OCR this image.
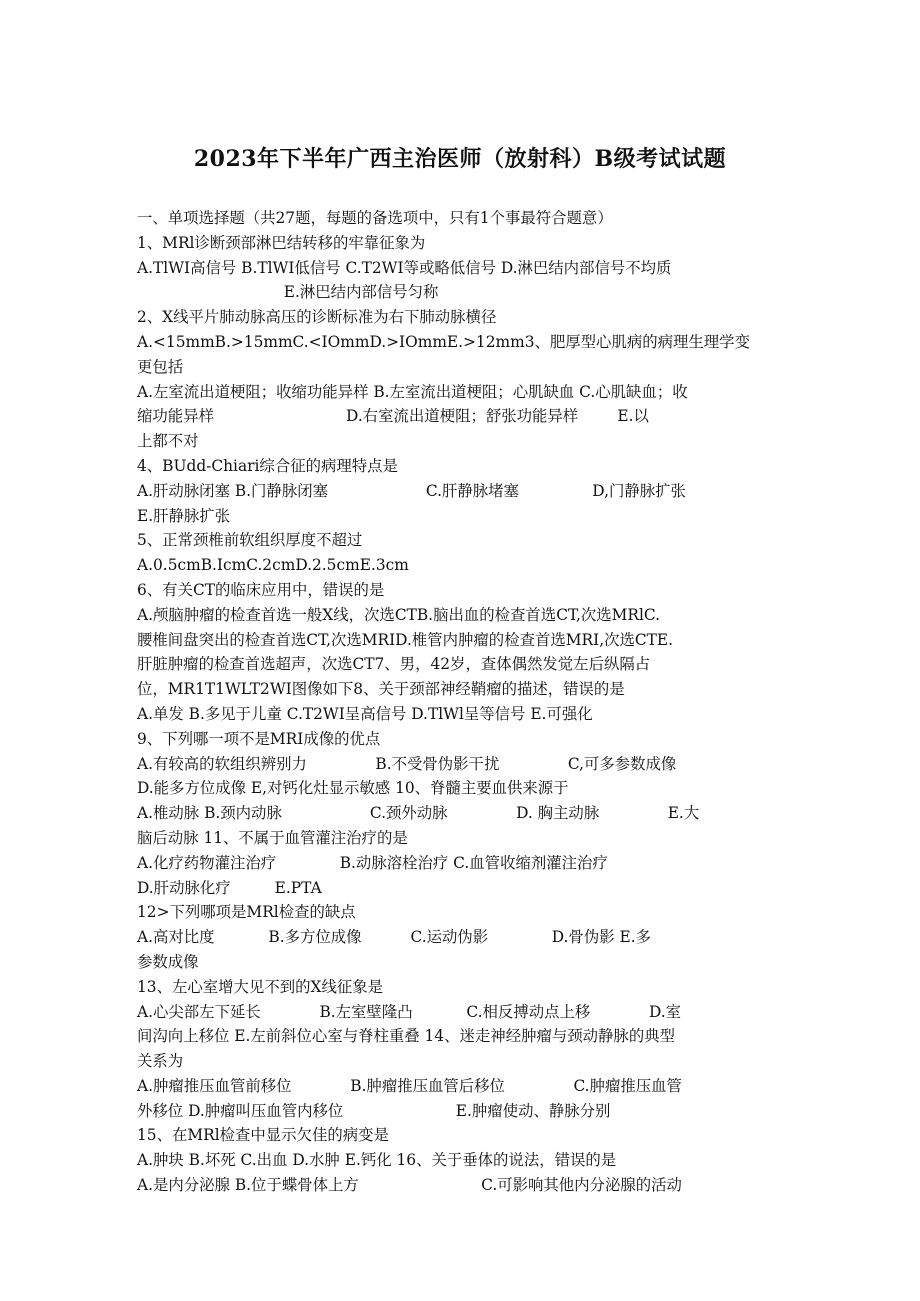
2023年下半年广西主治医师（放射科）B级考试试题
一、单项选择题（共27题，每题的备选项中，只有1个事最符合题意）
1、MRl诊断颈部淋巴结转移的牢靠征象为
A.TlWI高信号 B.TlWI低信号 C.T2WI等或略低信号 D.淋巴结内部信号不均质
E.淋巴结内部信号匀称
2、X线平片肺动脉高压的诊断标准为右下肺动脉横径
A.<15mmB.>15mmC.<IOmmD.>IOmmE.>12mm3、肥厚型心肌病的病理生理学变
更包括
A.左室流出道梗阻；收缩功能异样 B.左室流出道梗阻；心肌缺血 C.心肌缺血；收
缩功能异样                           D.右室流出道梗阻；舒张功能异样        E.以
上都不对
4、BUdd-Chiari综合征的病理特点是
A.肝动脉闭塞 B.门静脉闭塞                    C.肝静脉堵塞               D,门静脉扩张
E.肝静脉扩张
5、正常颈椎前软组织厚度不超过
A.0.5cmB.IcmC.2cmD.2.5cmE.3cm
6、有关CT的临床应用中，错误的是
A.颅脑肿瘤的检查首选一般X线，次选CTB.脑出血的检查首选CT,次选MRlC.
腰椎间盘突出的检查首选CT,次选MRID.椎管内肿瘤的检查首选MRI,次选CTE.
肝脏肿瘤的检查首选超声，次选CT7、男，42岁，查体偶然发觉左后纵隔占
位，MR1T1WLT2WI图像如下8、关于颈部神经鞘瘤的描述，错误的是
A.单发 B.多见于儿童 C.T2WI呈高信号 D.TlWl呈等信号 E.可强化
9、下列哪一项不是MRI成像的优点
A.有较高的软组织辨别力              B.不受骨伪影干扰              C,可多参数成像
D.能多方位成像 E,对钙化灶显示敏感 10、脊髓主要血供来源于
A.椎动脉 B.颈内动脉                  C.颈外动脉              D. 胸主动脉              E.大
脑后动脉 11、不属于血管灌注治疗的是
A.化疗药物灌注治疗             B.动脉溶栓治疗 C.血管收缩剂灌注治疗
D.肝动脉化疗         E.PTA
12>下列哪项是MRl检查的缺点
A.高对比度           B.多方位成像          C.运动伪影             D.骨伪影 E.多
参数成像
13、左心室增大见不到的X线征象是
A.心尖部左下延长            B.左室壁隆凸           C.相反搏动点上移            D.室
间沟向上移位 E.左前斜位心室与脊柱重叠 14、迷走神经肿瘤与颈动静脉的典型
关系为
A.肿瘤推压血管前移位            B.肿瘤推压血管后移位              C.肿瘤推压血管
外移位 D.肿瘤叫压血管内移位                       E.肿瘤使动、静脉分别
15、在MRl检查中显示欠佳的病变是
A.肿块 B.坏死 C.出血 D.水肿 E.钙化 16、关于垂体的说法，错误的是
A.是内分泌腺 B.位于蝶骨体上方                         C.可影响其他内分泌腺的活动
